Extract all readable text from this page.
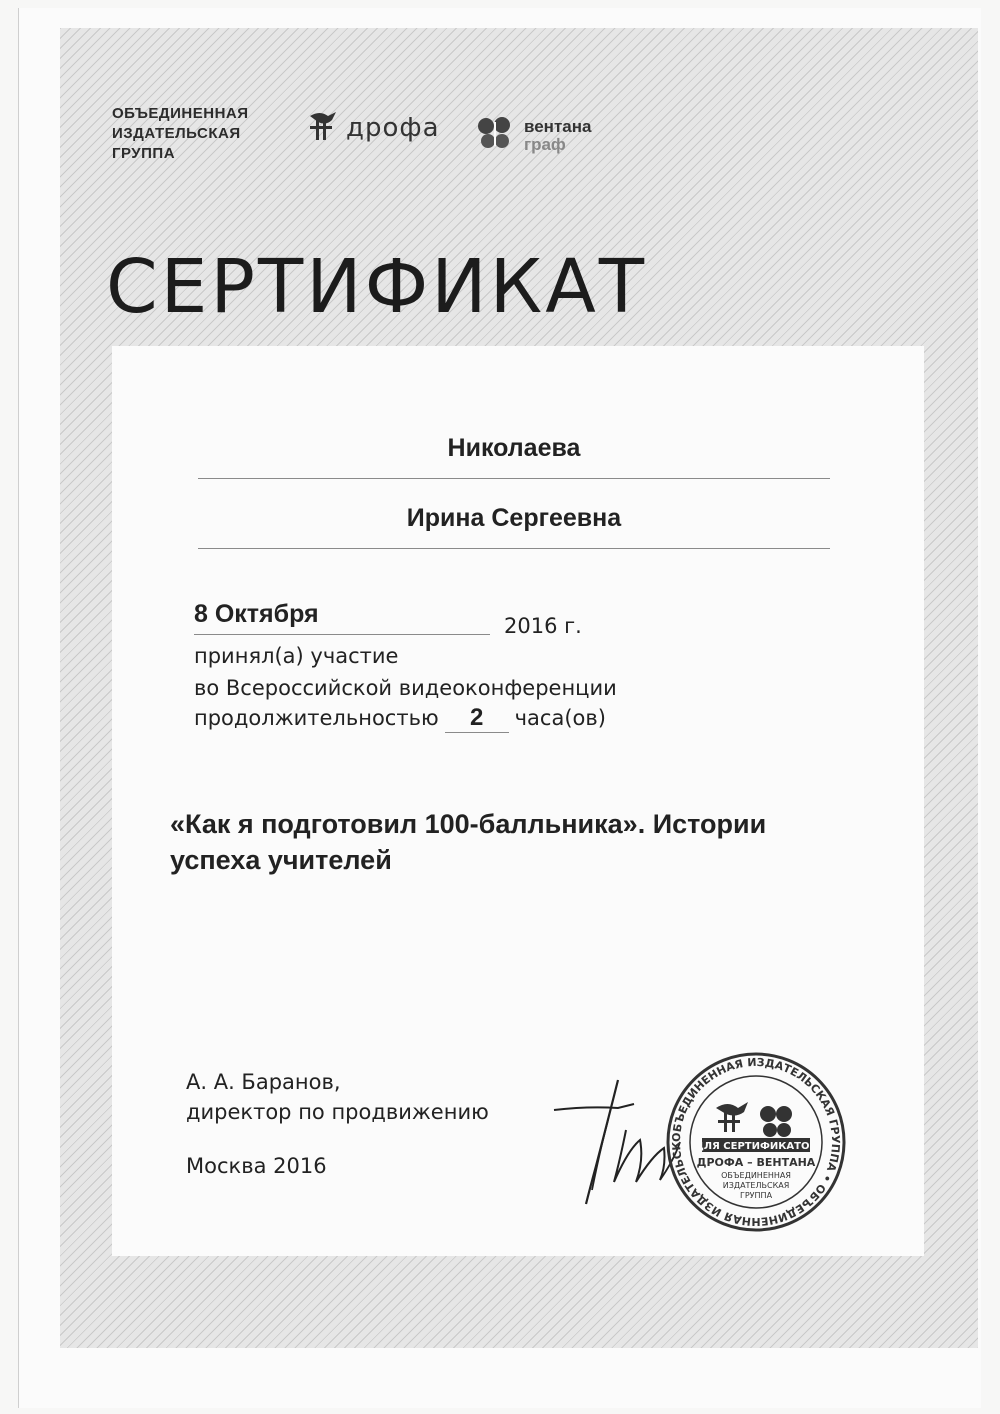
ОБЪЕДИНЕННАЯ
ИЗДАТЕЛЬСКАЯ
ГРУППА
дрофа	вентана
граф
СЕРТИФИКАТ
Николаева
Ирина Сергеевна
8 Октября	2016 г.
принял(а) участие
во Всероссийской видеоконференции
продолжительностью 2 часа(ов)
«Как я подготовил 100-балльника». Истории успеха учителей
А. А. Баранов,
директор по продвижению
Москва 2016
ОБЪЕДИНЕННАЯ ИЗДАТЕЛЬСКАЯ ГРУППА • ОБЪЕДИНЕННАЯ ИЗДАТЕЛЬСК	ДЛЯ СЕРТИФИКАТОВ
ДРОФА – ВЕНТАНА
ОБЪЕДИНЕННАЯ
ИЗДАТЕЛЬСКАЯ
ГРУППА
